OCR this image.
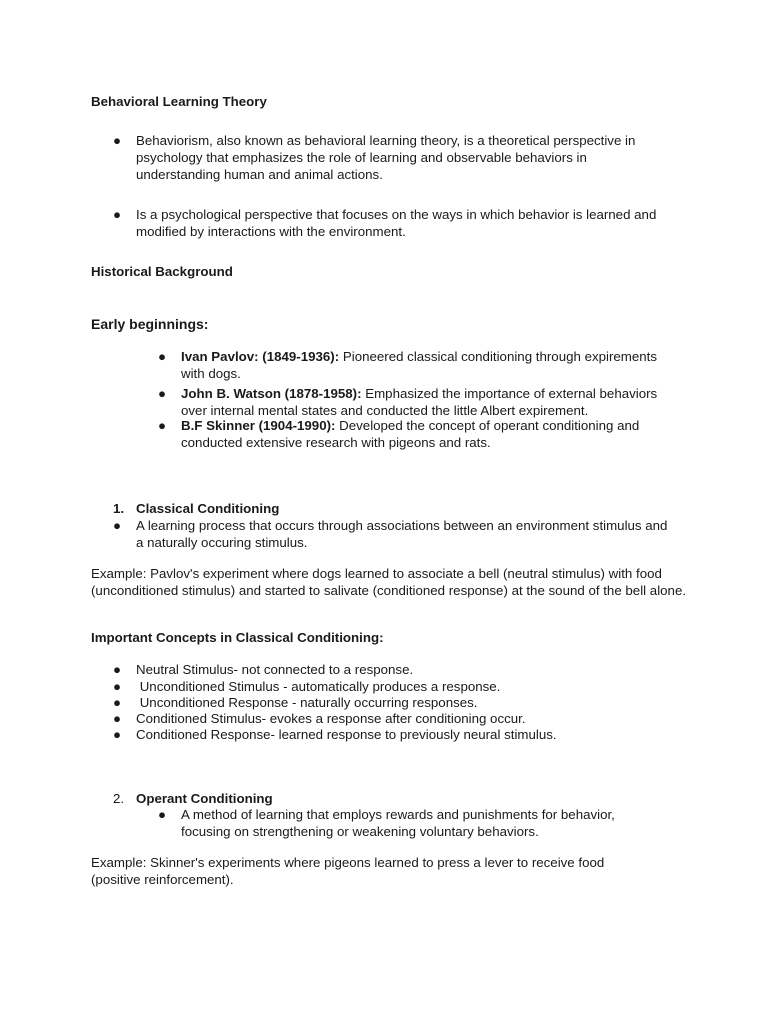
Behavioral Learning Theory

● Behaviorism, also known as behavioral learning theory, is a theoretical perspective in psychology that emphasizes the role of learning and observable behaviors in understanding human and animal actions.
● Is a psychological perspective that focuses on the ways in which behavior is learned and modified by interactions with the environment.

Historical Background

Early beginnings:

● Ivan Pavlov: (1849-1936): Pioneered classical conditioning through expirements with dogs.
● John B. Watson (1878-1958): Emphasized the importance of external behaviors over internal mental states and conducted the little Albert expirement.
● B.F Skinner (1904-1990): Developed the concept of operant conditioning and conducted extensive research with pigeons and rats.
1. Classical Conditioning
● A learning process that occurs through associations between an environment stimulus and a naturally occuring stimulus.

Example: Pavlov's experiment where dogs learned to associate a bell (neutral stimulus) with food (unconditioned stimulus) and started to salivate (conditioned response) at the sound of the bell alone.

Important Concepts in Classical Conditioning:

● Neutral Stimulus- not connected to a response.
● Unconditioned Stimulus - automatically produces a response.
● Unconditioned Response - naturally occurring responses.
● Conditioned Stimulus- evokes a response after conditioning occur.
● Conditioned Response- learned response to previously neural stimulus.
2. Operant Conditioning
● A method of learning that employs rewards and punishments for behavior, focusing on strengthening or weakening voluntary behaviors.

Example: Skinner's experiments where pigeons learned to press a lever to receive food (positive reinforcement).
